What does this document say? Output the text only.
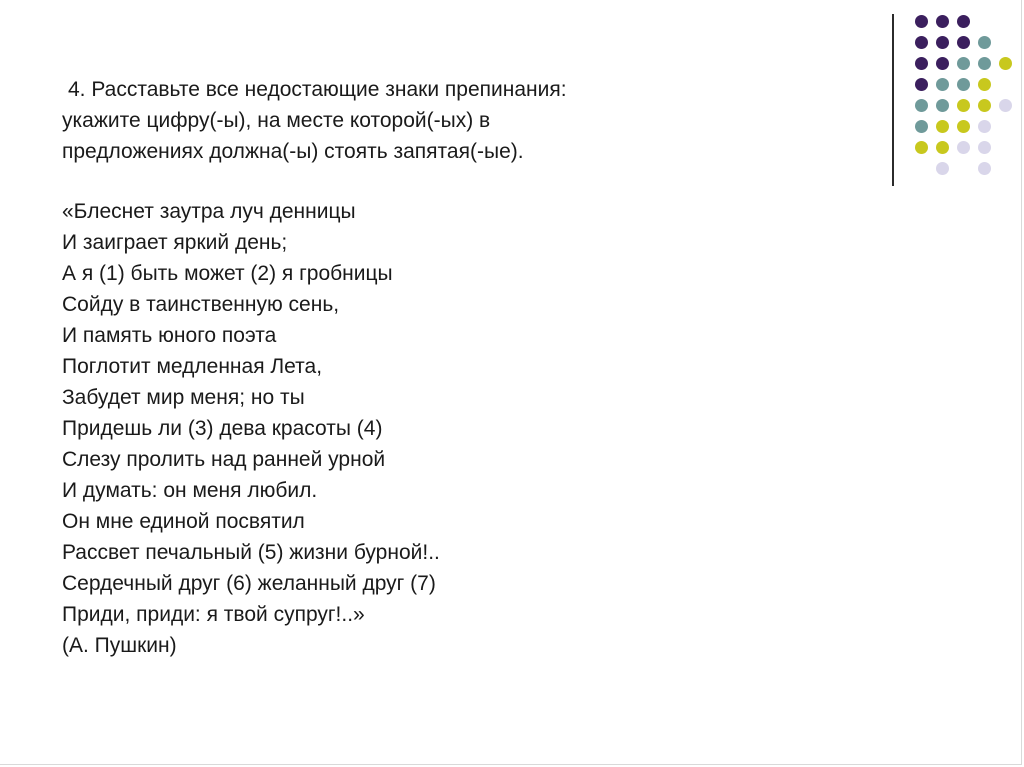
4. Расставьте все недостающие знаки препинания:
укажите цифру(-ы), на месте которой(-ых) в
предложениях должна(-ы) стоять запятая(-ые).
«Блеснет заутра луч денницы
И заиграет яркий день;
А я (1) быть может (2) я гробницы
Сойду в таинственную сень,
И память юного поэта
Поглотит медленная Лета,
Забудет мир меня; но ты
Придешь ли (3) дева красоты (4)
Слезу пролить над ранней урной
И думать: он меня любил.
Он мне единой посвятил
Рассвет печальный (5) жизни бурной!..
Сердечный друг (6) желанный друг (7)
Приди, приди: я твой супруг!..»
(А. Пушкин)
